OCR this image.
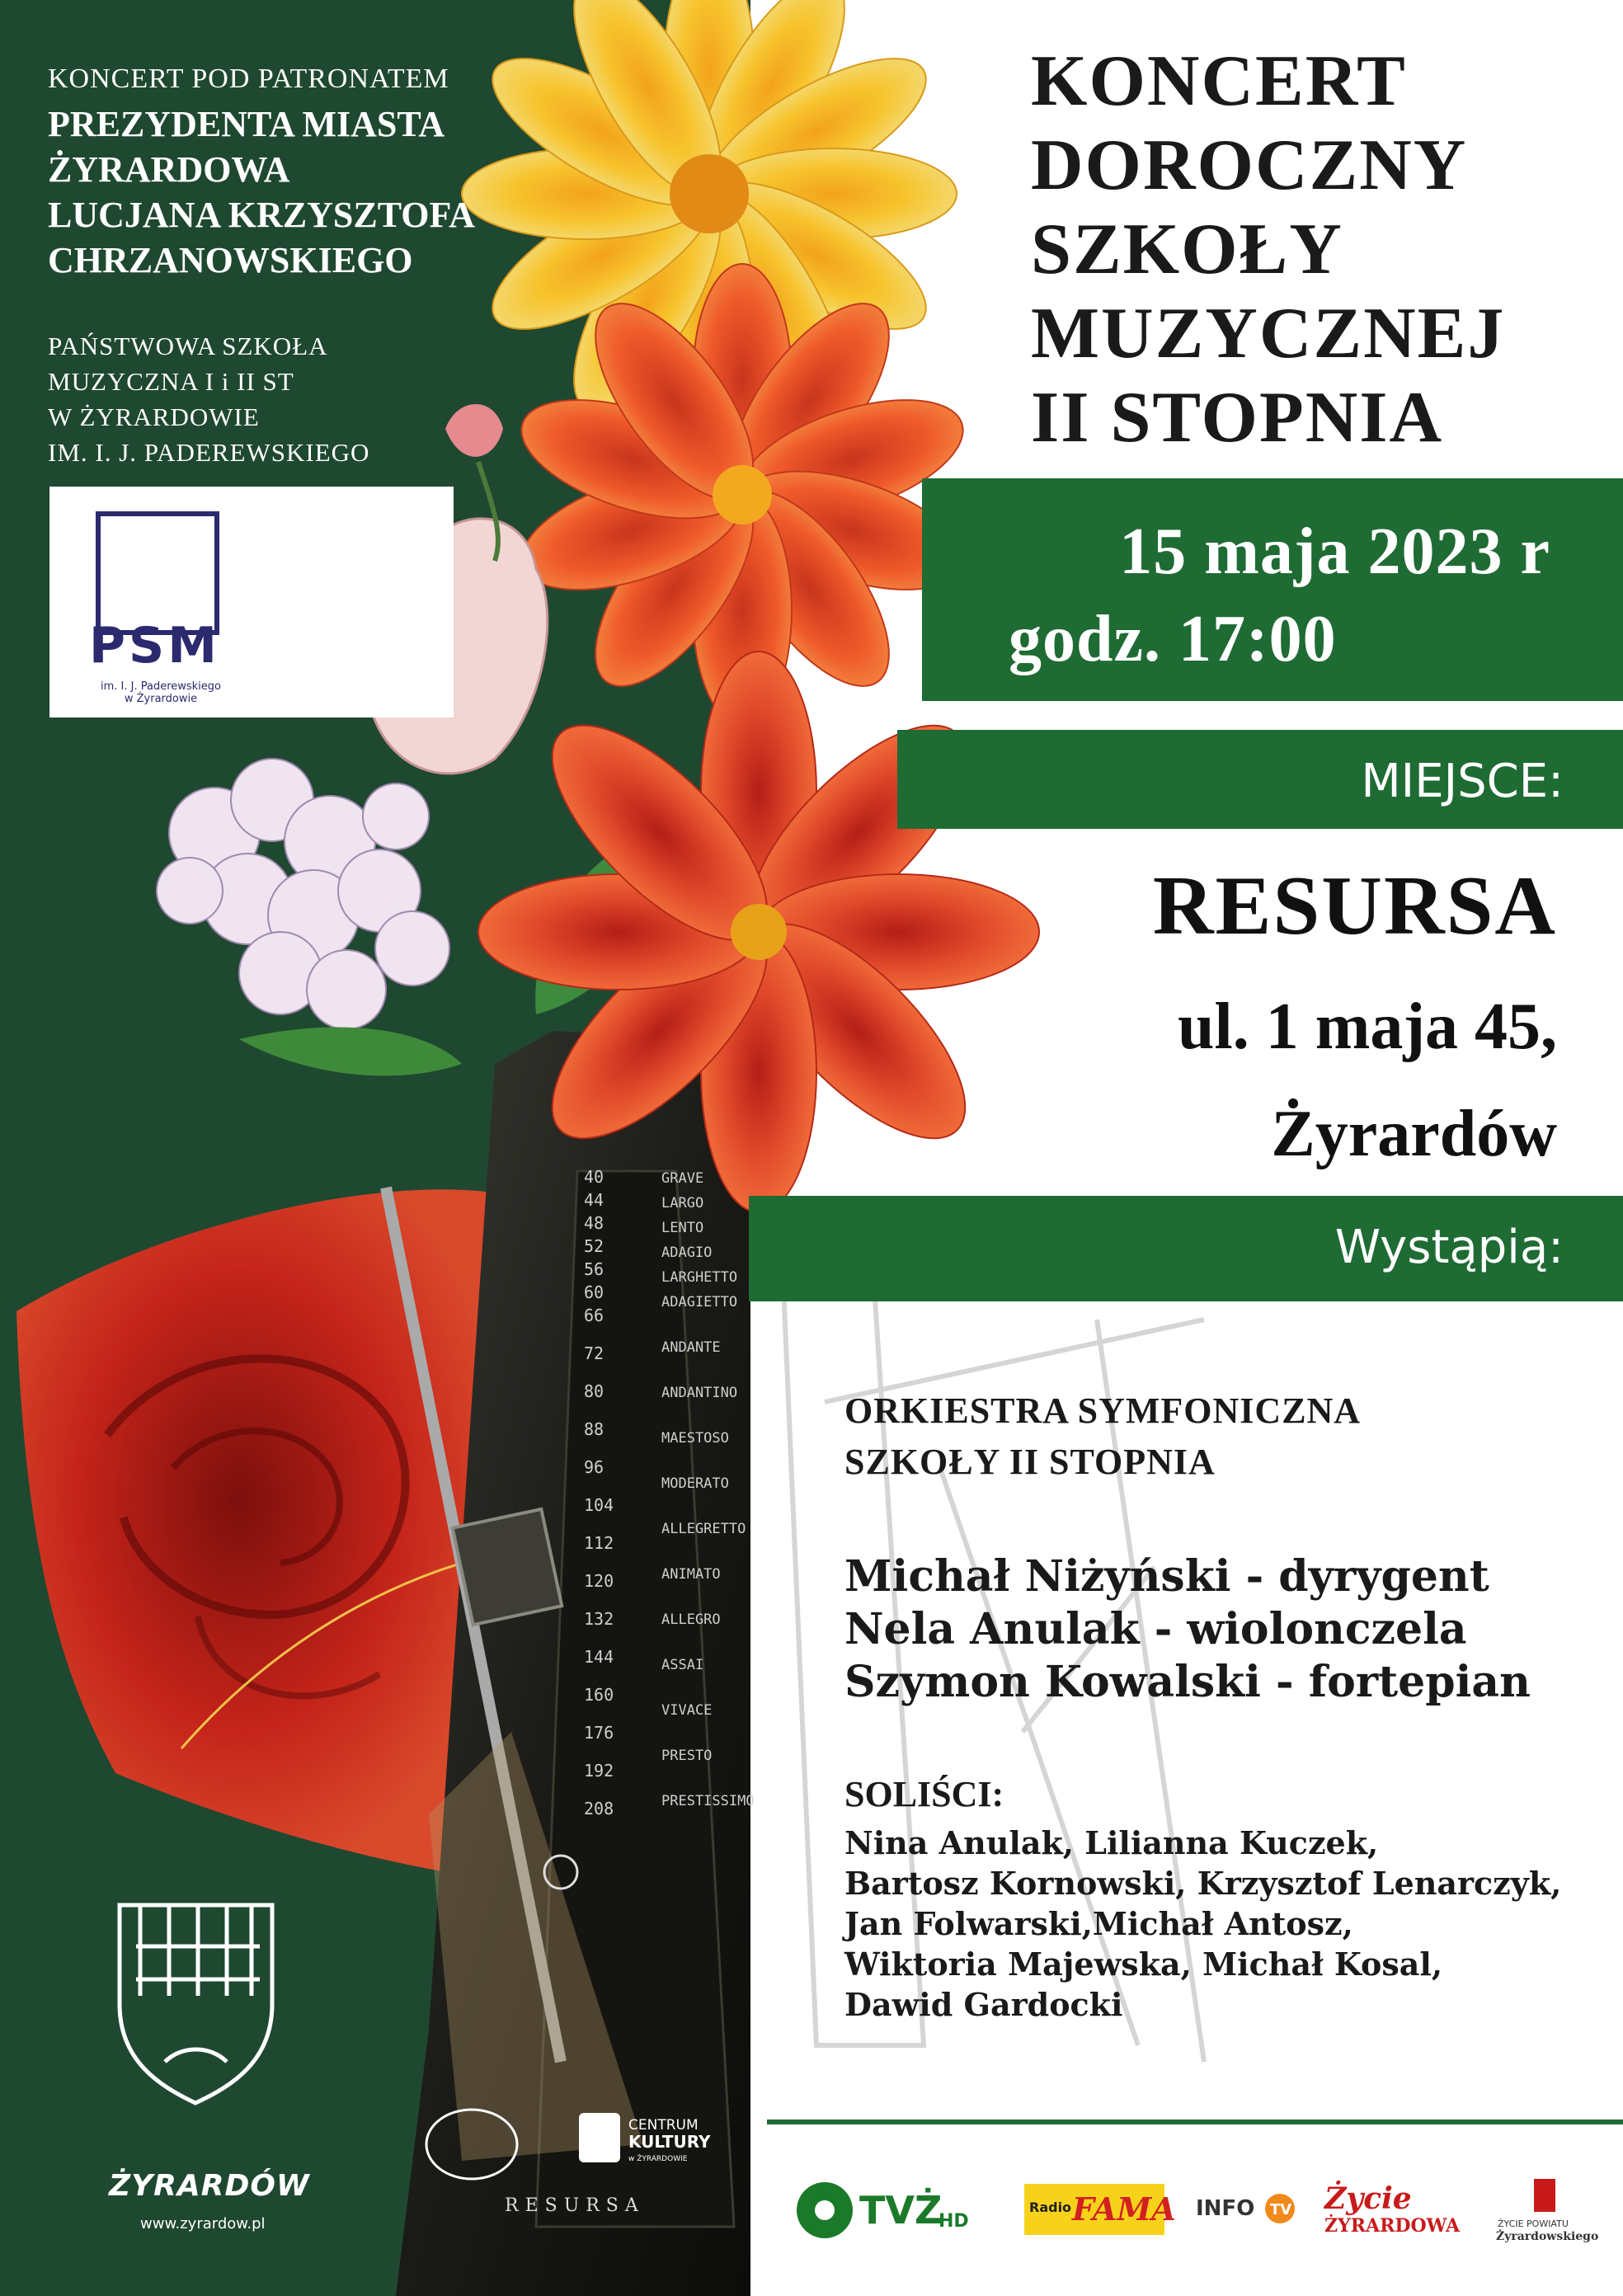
KONCERT POD PATRONATEM
PREZYDENTA MIASTA
ŻYRARDOWA
LUCJANA KRZYSZTOFA
CHRZANOWSKIEGO
PAŃSTWOWA SZKOŁA
MUZYCZNA I i II ST
W ŻYRARDOWIE
IM. I. J. PADEREWSKIEGO
PSM
im. I. J. Paderewskiego
w Żyrardowie
KONCERT
DOROCZNY
SZKOŁY
MUZYCZNEJ
II STOPNIA
15 maja 2023 r
godz. 17:00
MIEJSCE:
RESURSA
ul. 1 maja 45,
Żyrardów
Wystąpią:
ORKIESTRA SYMFONICZNA
SZKOŁY II STOPNIA
Michał Niżyński - dyrygent
Nela Anulak - wiolonczela
Szymon Kowalski - fortepian
SOLIŚCI:
Nina Anulak, Lilianna Kuczek,
Bartosz Kornowski, Krzysztof Lenarczyk,
Jan Folwarski,Michał Antosz,
Wiktoria Majewska, Michał Kosal,
Dawid Gardocki
GRAVE
LARGO
LENTO
ADAGIO
LARGHETTO
ADAGIETTO
ANDANTE
ANDANTINO
MAESTOSO
MODERATO
ALLEGRETTO
ANIMATO
ALLEGRO
ASSAI
VIVACE
PRESTO
PRESTISSIMO
40
44
48
52
56
60
66
72
80
88
96
104
112
120
132
144
160
176
192
208
ŻYRARDÓW
www.zyrardow.pl
CENTRUM
KULTURY
w ŻYRARDOWIE
RESURSA	TVŻ
HD
Radio FAMA INFO TV Życie
ŻYRARDOWA	ŻYCIE POWIATU
Żyrardowskiego
